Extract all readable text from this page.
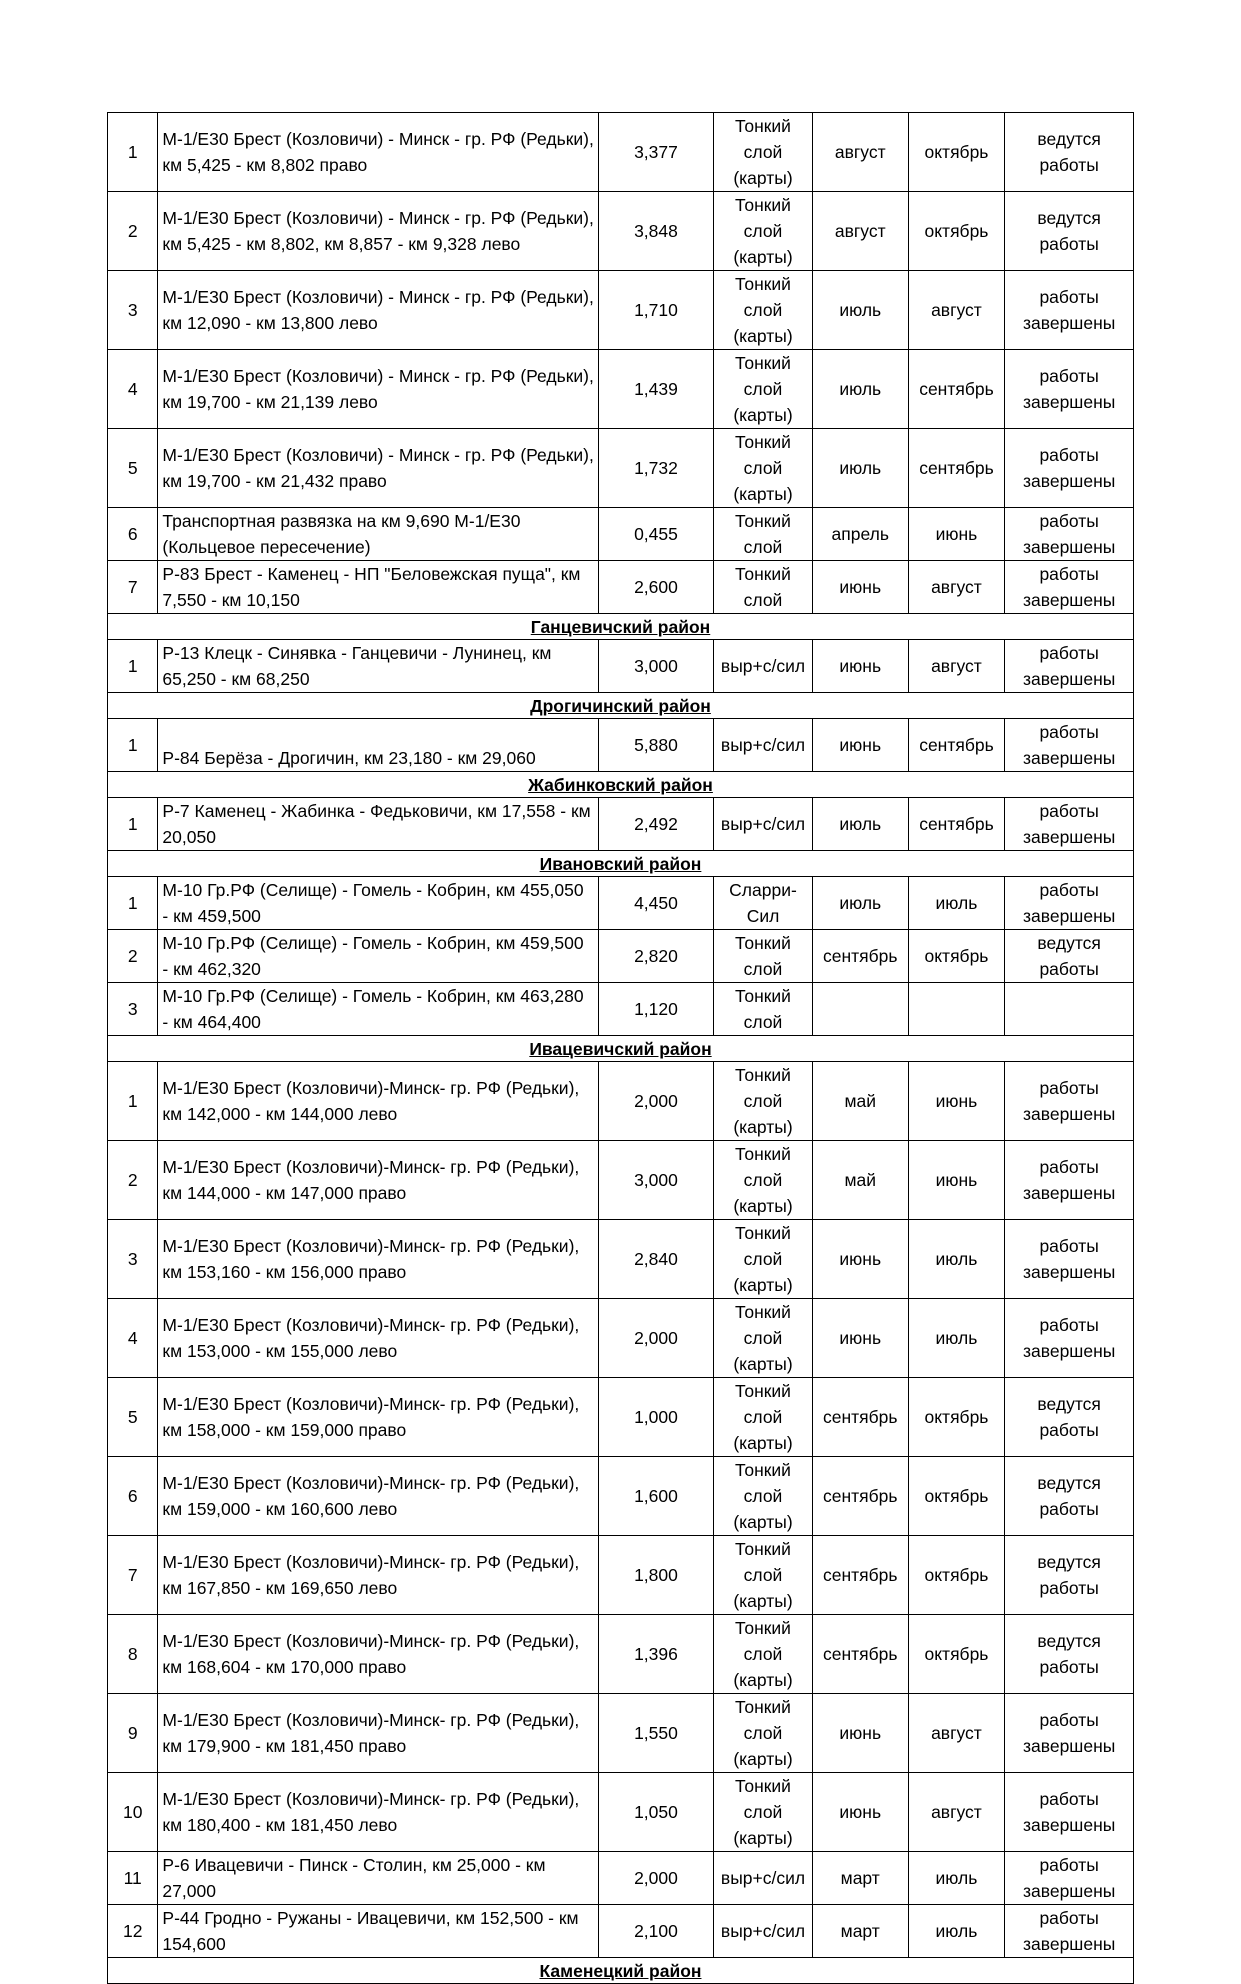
1	М-1/Е30 Брест (Козловичи) - Минск - гр. РФ (Редьки), км 5,425 - км 8,802 право	3,377	Тонкий слой (карты)	август	октябрь	ведутся работы
2	М-1/Е30 Брест (Козловичи) - Минск - гр. РФ (Редьки), км 5,425 - км 8,802, км 8,857 - км 9,328 лево	3,848	Тонкий слой (карты)	август	октябрь	ведутся работы
3	М-1/Е30 Брест (Козловичи) - Минск - гр. РФ (Редьки), км 12,090 - км 13,800 лево	1,710	Тонкий слой (карты)	июль	август	работы завершены
4	М-1/Е30 Брест (Козловичи) - Минск - гр. РФ (Редьки), км 19,700 - км 21,139 лево	1,439	Тонкий слой (карты)	июль	сентябрь	работы завершены
5	М-1/Е30 Брест (Козловичи) - Минск - гр. РФ (Редьки), км 19,700 - км 21,432 право	1,732	Тонкий слой (карты)	июль	сентябрь	работы завершены
6	Транспортная развязка на км 9,690 М-1/Е30 (Кольцевое пересечение)	0,455	Тонкий слой	апрель	июнь	работы завершены
7	Р-83 Брест - Каменец - НП "Беловежская пуща", км 7,550 - км 10,150	2,600	Тонкий слой	июнь	август	работы завершены
Ганцевичский район						
1	Р-13 Клецк - Синявка - Ганцевичи - Лунинец, км 65,250 - км 68,250	3,000	выр+с/сил	июнь	август	работы завершены
Дрогичинский район						
1	Р-84 Берёза - Дрогичин, км 23,180 - км 29,060	5,880	выр+с/сил	июнь	сентябрь	работы завершены
Жабинковский район						
1	Р-7 Каменец - Жабинка - Федьковичи, км 17,558 - км 20,050	2,492	выр+с/сил	июль	сентябрь	работы завершены
Ивановский район						
1	М-10 Гр.РФ (Селище) - Гомель - Кобрин, км 455,050 - км 459,500	4,450	Сларри-Сил	июль	июль	работы завершены
2	М-10 Гр.РФ (Селище) - Гомель - Кобрин, км 459,500 - км 462,320	2,820	Тонкий слой	сентябрь	октябрь	ведутся работы
3	М-10 Гр.РФ (Селище) - Гомель - Кобрин, км 463,280 - км 464,400	1,120	Тонкий слой			
Ивацевичский район						
1	М-1/Е30 Брест (Козловичи)-Минск- гр. РФ (Редьки), км 142,000 - км 144,000 лево	2,000	Тонкий слой (карты)	май	июнь	работы завершены
2	М-1/Е30 Брест (Козловичи)-Минск- гр. РФ (Редьки), км 144,000 - км 147,000 право	3,000	Тонкий слой (карты)	май	июнь	работы завершены
3	М-1/Е30 Брест (Козловичи)-Минск- гр. РФ (Редьки), км 153,160 - км 156,000 право	2,840	Тонкий слой (карты)	июнь	июль	работы завершены
4	М-1/Е30 Брест (Козловичи)-Минск- гр. РФ (Редьки), км 153,000 - км 155,000 лево	2,000	Тонкий слой (карты)	июнь	июль	работы завершены
5	М-1/Е30 Брест (Козловичи)-Минск- гр. РФ (Редьки), км 158,000 - км 159,000 право	1,000	Тонкий слой (карты)	сентябрь	октябрь	ведутся работы
6	М-1/Е30 Брест (Козловичи)-Минск- гр. РФ (Редьки), км 159,000 - км 160,600 лево	1,600	Тонкий слой (карты)	сентябрь	октябрь	ведутся работы
7	М-1/Е30 Брест (Козловичи)-Минск- гр. РФ (Редьки), км 167,850 - км 169,650 лево	1,800	Тонкий слой (карты)	сентябрь	октябрь	ведутся работы
8	М-1/Е30 Брест (Козловичи)-Минск- гр. РФ (Редьки), км 168,604 - км 170,000 право	1,396	Тонкий слой (карты)	сентябрь	октябрь	ведутся работы
9	М-1/Е30 Брест (Козловичи)-Минск- гр. РФ (Редьки), км 179,900 - км 181,450 право	1,550	Тонкий слой (карты)	июнь	август	работы завершены
10	М-1/Е30 Брест (Козловичи)-Минск- гр. РФ (Редьки), км 180,400 - км 181,450 лево	1,050	Тонкий слой (карты)	июнь	август	работы завершены
11	Р-6 Ивацевичи - Пинск - Столин, км 25,000 - км 27,000	2,000	выр+с/сил	март	июль	работы завершены
12	Р-44 Гродно - Ружаны - Ивацевичи, км 152,500 - км 154,600	2,100	выр+с/сил	март	июль	работы завершены
Каменецкий район						
